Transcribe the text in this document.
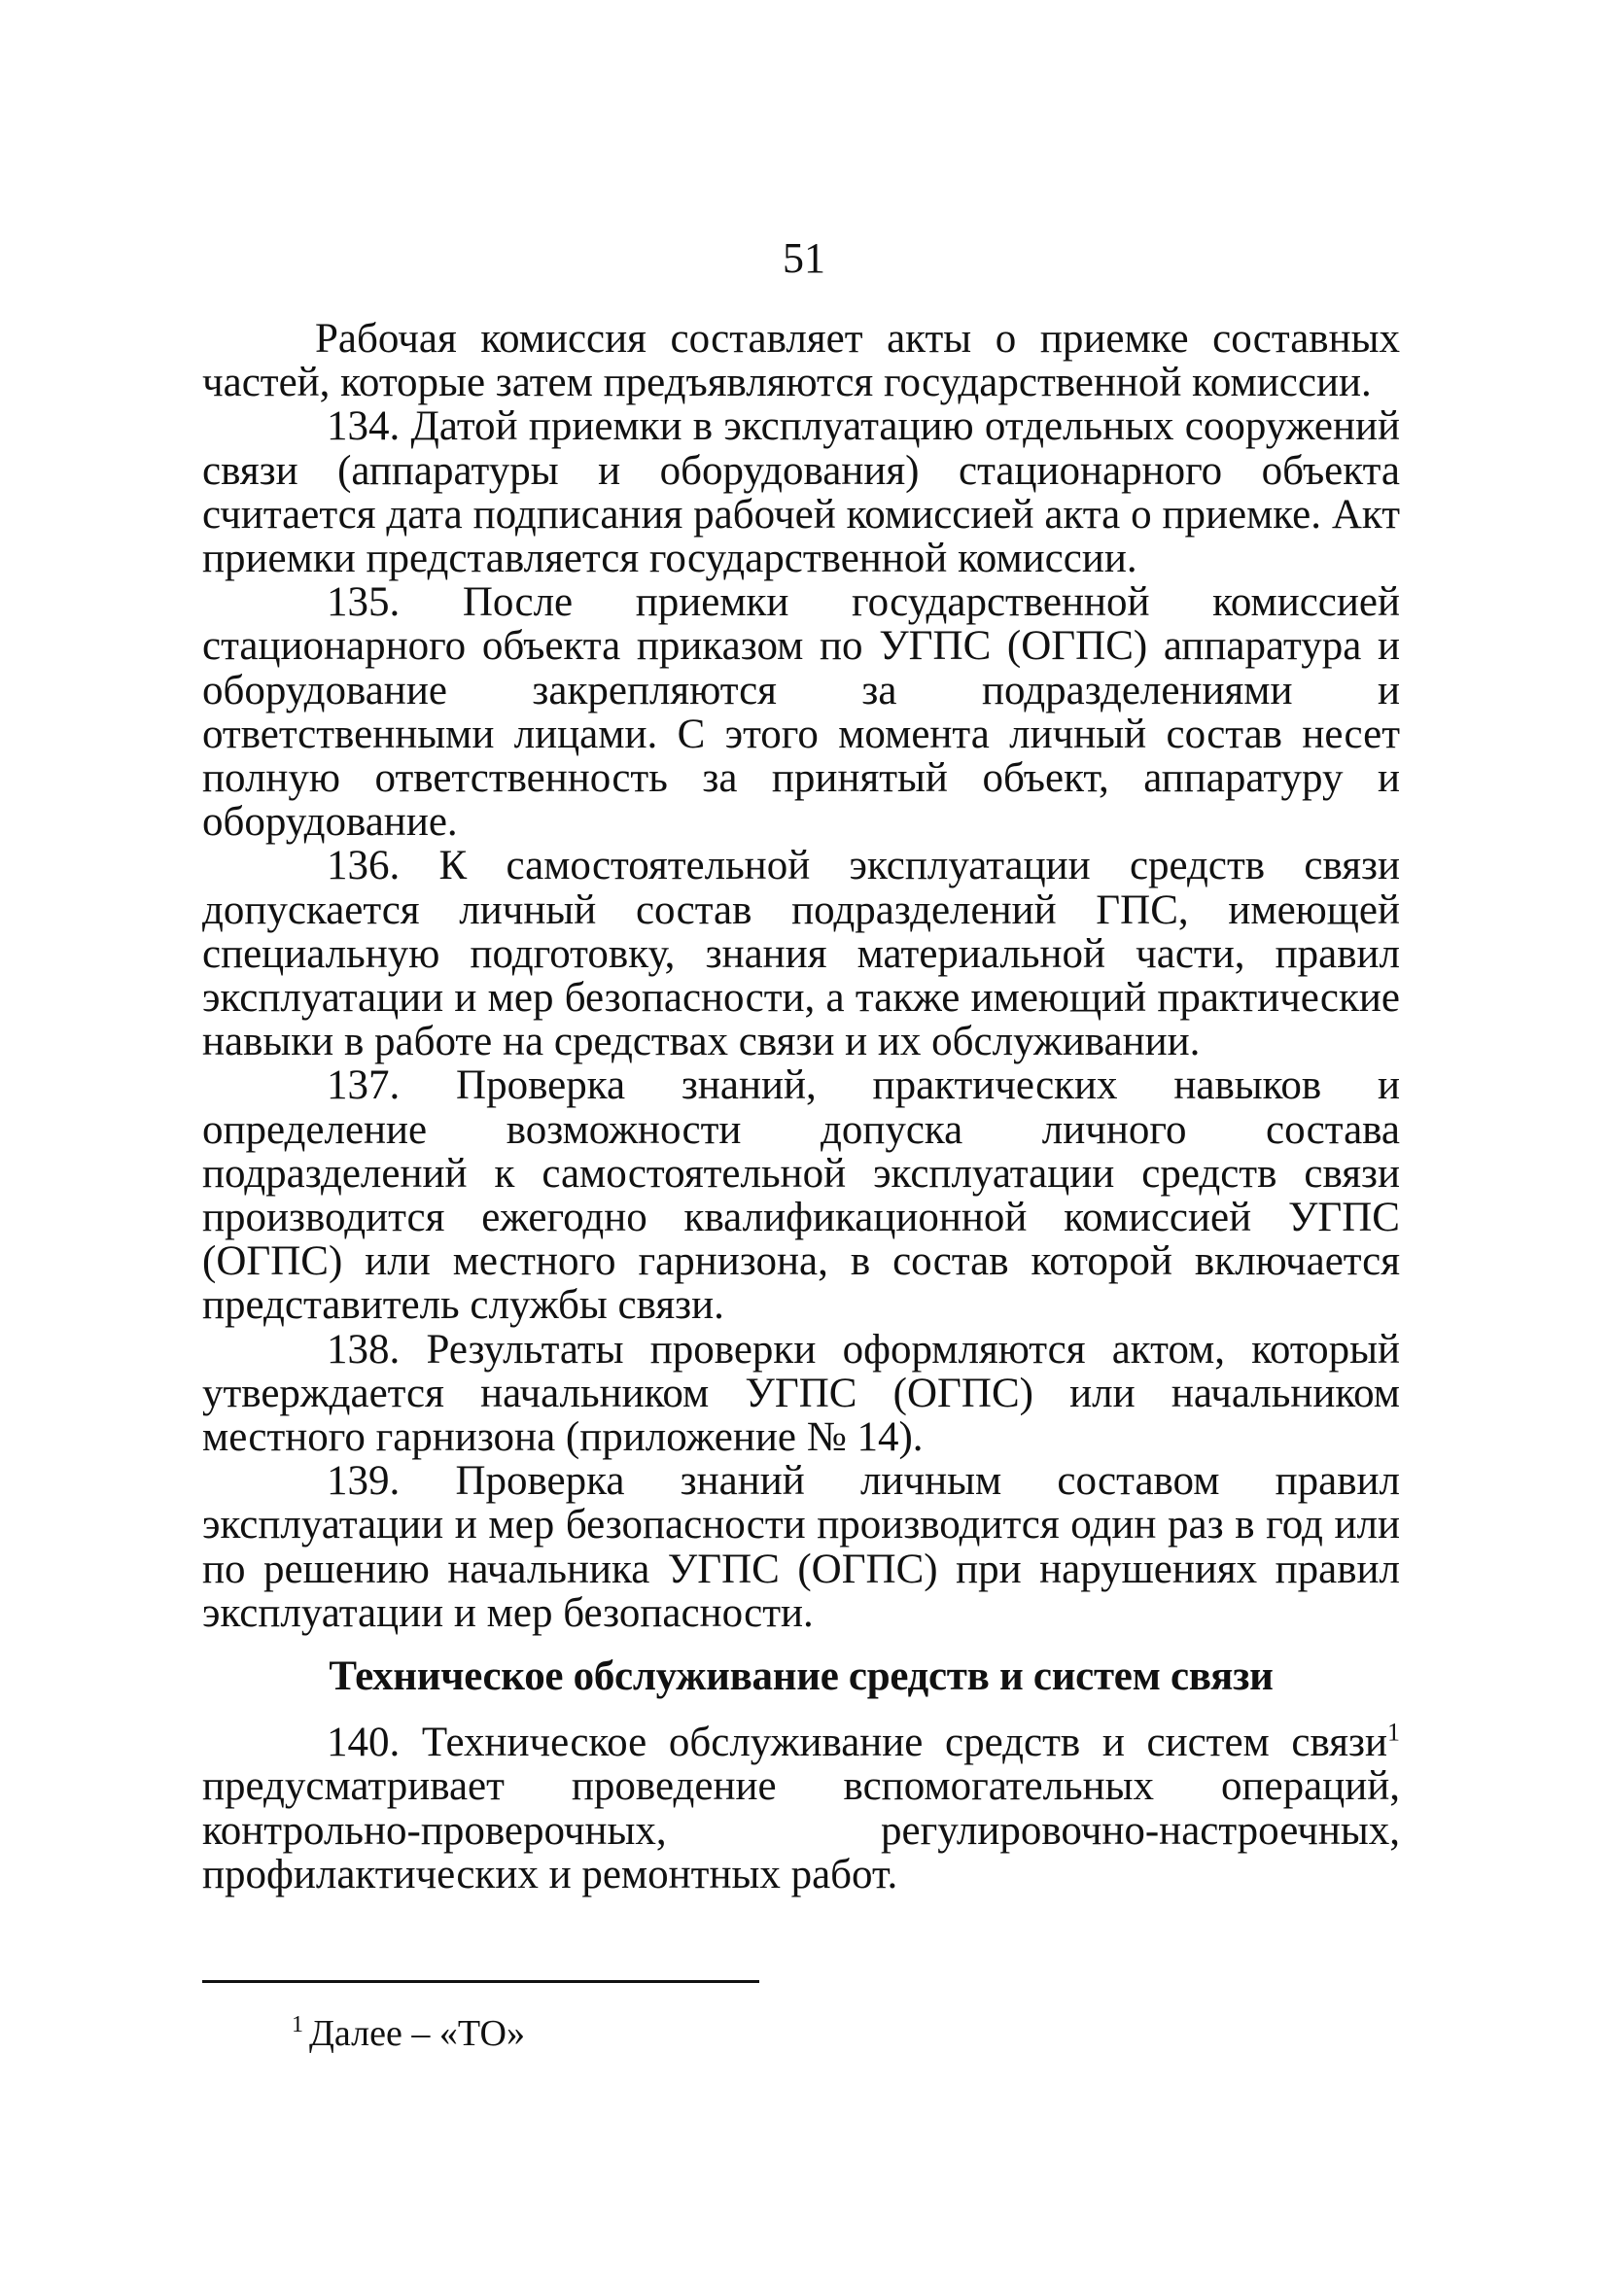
51

Рабочая комиссия составляет акты о приемке составных частей, которые затем предъявляются государственной комиссии.

134. Датой приемки в эксплуатацию отдельных сооружений связи (аппаратуры и оборудования) стационарного объекта считается дата подписания рабочей комиссией акта о приемке. Акт приемки представляется государственной комиссии.

135. После приемки государственной комиссией стационарного объекта приказом по УГПС (ОГПС) аппаратура и оборудование закрепляются за подразделениями и ответственными лицами. С этого момента личный состав несет полную ответственность за принятый объект, аппаратуру и оборудование.

136. К самостоятельной эксплуатации средств связи допускается личный состав подразделений ГПС, имеющей специальную подготовку, знания материальной части, правил эксплуатации и мер безопасности, а также имеющий практические навыки в работе на средствах связи и их обслуживании.

137. Проверка знаний, практических навыков и определение возможности допуска личного состава подразделений к самостоятельной эксплуатации средств связи производится ежегодно квалификационной комиссией УГПС (ОГПС) или местного гарнизона, в состав которой включается представитель службы связи.

138. Результаты проверки оформляются актом, который утверждается начальником УГПС (ОГПС) или начальником местного гарнизона (приложение № 14).

139. Проверка знаний личным составом правил эксплуатации и мер безопасности производится один раз в год или по решению начальника УГПС (ОГПС) при нарушениях правил эксплуатации и мер безопасности.

Техническое обслуживание средств и систем связи

140. Техническое обслуживание средств и систем связи$^1$ предусматривает проведение вспомогательных операций, контрольно-проверочных, регулировочно-настроечных, профилактических и ремонтных работ.

$^1$ Далее – «ТО»
